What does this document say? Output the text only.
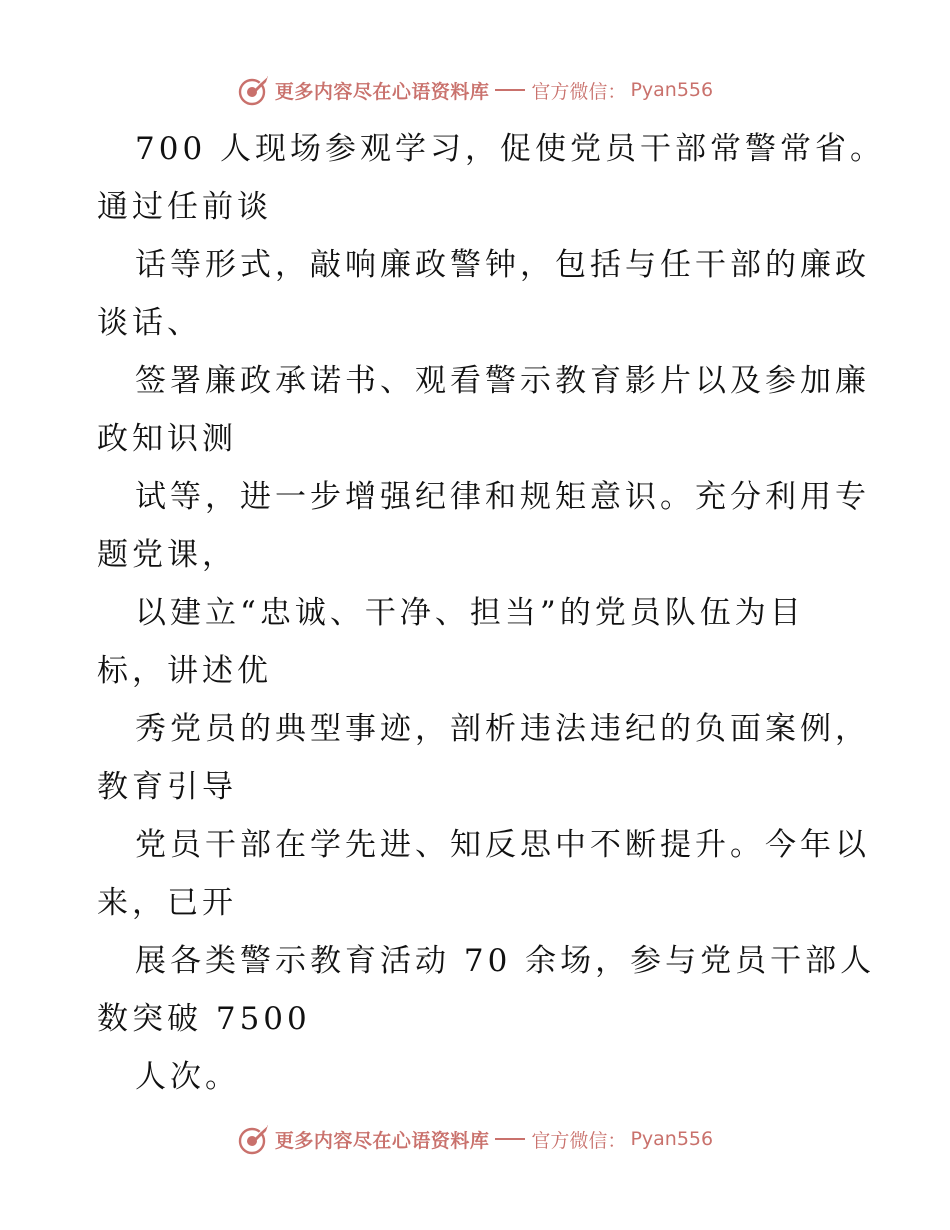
更多内容尽在心语资料库 官方微信： Pyan556
700 人现场参观学习，促使党员干部常警常省。
通过任前谈
话等形式，敲响廉政警钟，包括与任干部的廉政
谈话、
签署廉政承诺书、观看警示教育影片以及参加廉
政知识测
试等，进一步增强纪律和规矩意识。充分利用专
题党课，
以建立“忠诚、干净、担当”的党员队伍为目
标，讲述优
秀党员的典型事迹，剖析违法违纪的负面案例，
教育引导
党员干部在学先进、知反思中不断提升。今年以
来，已开
展各类警示教育活动 70 余场，参与党员干部人
数突破 7500
人次。
更多内容尽在心语资料库 官方微信： Pyan556
